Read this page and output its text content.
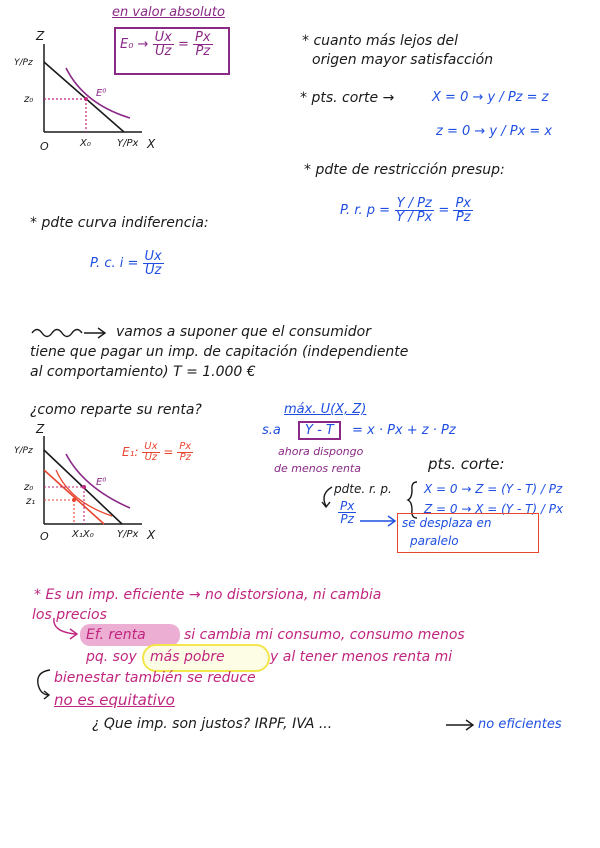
en valor absoluto
$E_0 \to \frac{Ux}{Uz} = \frac{Px}{Pz}$
Z
Y/Pz
z₀
O	X₀	Y/Px X
E⁰
* cuanto más lejos del
origen mayor satisfacción
* pts. corte →	X = 0 → y / Pz = z
z = 0 → y / Px = x
* pdte de restricción presup:
P. r. $p = \frac{Y / Pz}{Y / Px} = \frac{Px}{Pz}$
* pdte curva indiferencia:
P. c. $i = \frac{Ux}{Uz}$
vamos a suponer que el consumidor
tiene que pagar un imp. de capitación (independiente
al comportamiento) T = 1.000 €
¿como reparte su renta?	máx. U(X, Z)
s.a	Y - T	= x · Px + z · Pz
ahora dispongo
de menos renta
Z
Y/Pz
z₀
z₁
O X₁X₀ Y/Px X
E⁰
E₁: $\frac{Ux}{Uz} = \frac{Px}{Pz}$
pts. corte:
pdte. r. p.
$\frac{Px}{Pz}$
X = 0 → Z = (Y - T) / Pz
Z = 0 → X = (Y - T) / Px
se desplaza en
paralelo
* Es un imp. eficiente → no distorsiona, ni cambia
los precios
Ef. renta	si cambia mi consumo, consumo menos
pq. soy más pobre	y al tener menos renta mi
bienestar también se reduce
no es equitativo
¿ Que imp. son justos? IRPF, IVA ...	no eficientes
